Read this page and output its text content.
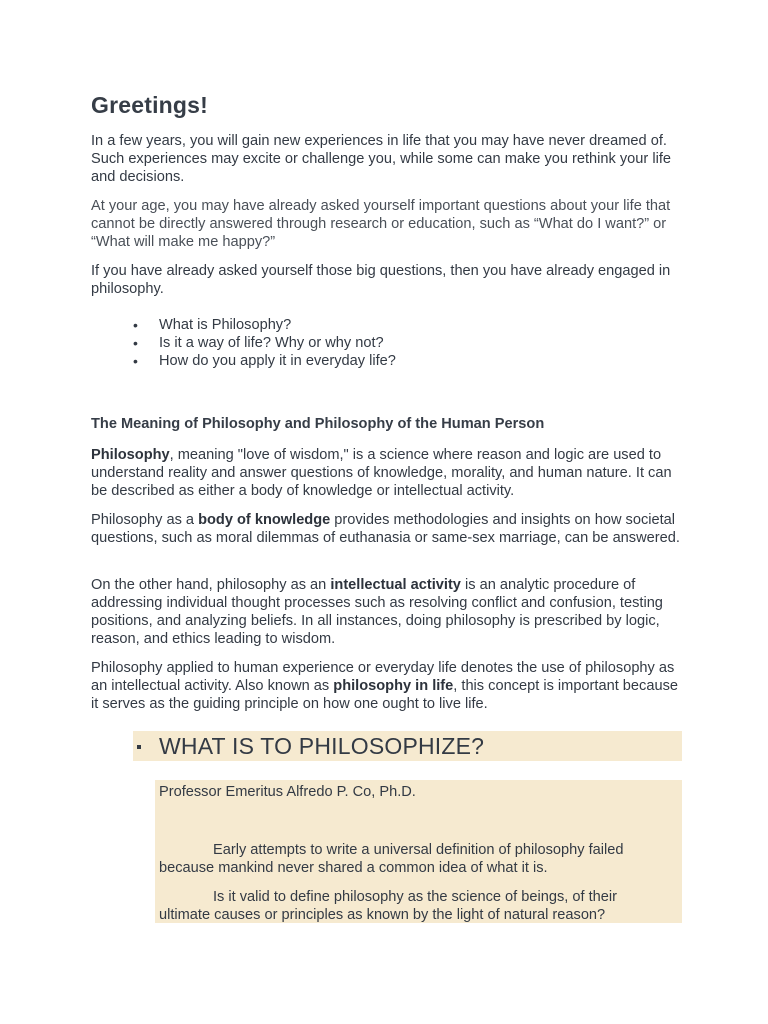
Greetings!

In a few years, you will gain new experiences in life that you may have never dreamed of. Such experiences may excite or challenge you, while some can make you rethink your life and decisions.

At your age, you may have already asked yourself important questions about your life that cannot be directly answered through research or education, such as “What do I want?” or “What will make me happy?”

If you have already asked yourself those big questions, then you have already engaged in philosophy.

• What is Philosophy?
• Is it a way of life? Why or why not?
• How do you apply it in everyday life?
The Meaning of Philosophy and Philosophy of the Human Person

Philosophy, meaning "love of wisdom," is a science where reason and logic are used to understand reality and answer questions of knowledge, morality, and human nature. It can be described as either a body of knowledge or intellectual activity.

Philosophy as a body of knowledge provides methodologies and insights on how societal questions, such as moral dilemmas of euthanasia or same-sex marriage, can be answered.

On the other hand, philosophy as an intellectual activity is an analytic procedure of addressing individual thought processes such as resolving conflict and confusion, testing positions, and analyzing beliefs. In all instances, doing philosophy is prescribed by logic, reason, and ethics leading to wisdom.

Philosophy applied to human experience or everyday life denotes the use of philosophy as an intellectual activity. Also known as philosophy in life, this concept is important because it serves as the guiding principle on how one ought to live life.

WHAT IS TO PHILOSOPHIZE?

Professor Emeritus Alfredo P. Co, Ph.D.

Early attempts to write a universal definition of philosophy failed because mankind never shared a common idea of what it is.

Is it valid to define philosophy as the science of beings, of their ultimate causes or principles as known by the light of natural reason?
